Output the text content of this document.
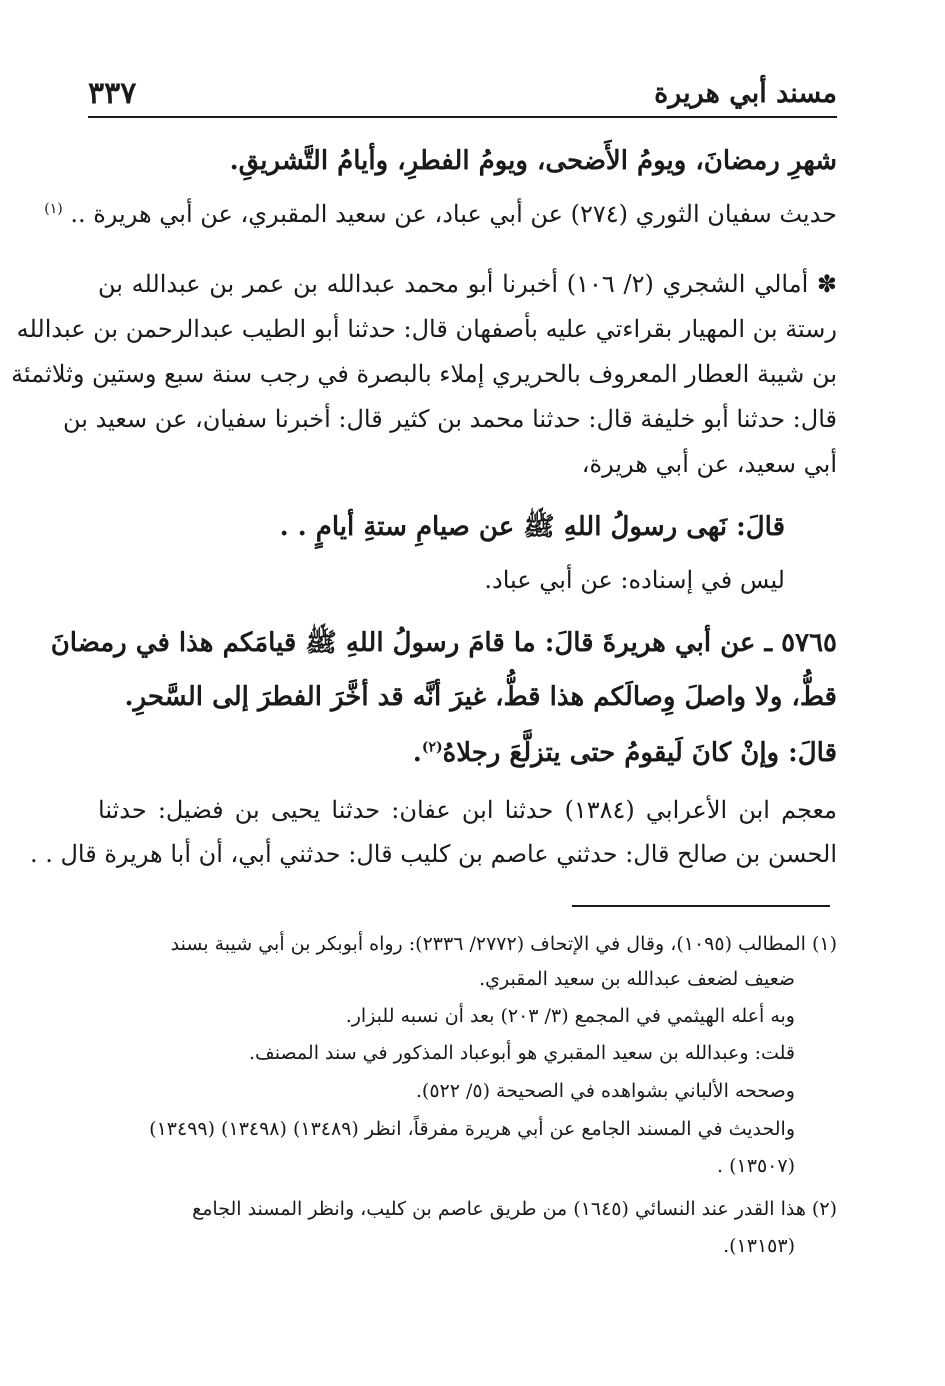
مسند أبي هريرة
٣٣٧
شهرِ رمضانَ، ويومُ الأَضحى، ويومُ الفطرِ، وأيامُ التَّشريقِ.
حديث سفيان الثوري (٢٧٤) عن أبي عباد، عن سعيد المقبري، عن أبي هريرة .. $^{(١)}$
✽ أمالي الشجري (٢/ ١٠٦) أخبرنا أبو محمد عبدالله بن عمر بن عبدالله بن
رستة بن المهيار بقراءتي عليه بأصفهان قال: حدثنا أبو الطيب عبدالرحمن بن عبدالله
بن شيبة العطار المعروف بالحريري إملاء بالبصرة في رجب سنة سبع وستين وثلاثمئة
قال: حدثنا أبو خليفة قال: حدثنا محمد بن كثير قال: أخبرنا سفيان، عن سعيد بن
أبي سعيد، عن أبي هريرة،
قالَ: نَهى رسولُ اللهِ ﷺ عن صيامِ ستةِ أيامٍ . .
ليس في إسناده: عن أبي عباد.
٥٧٦٥ ـ عن أبي هريرةَ قالَ: ما قامَ رسولُ اللهِ ﷺ قيامَكم هذا في رمضانَ
قطُّ، ولا واصلَ وِصالَكم هذا قطُّ، غيرَ أنَّه قد أخَّرَ الفطرَ إلى السَّحرِ.
قالَ: وإنْ كانَ لَيقومُ حتى يتزلَّعَ رجلاهُ$^{(٢)}$.
معجم ابن الأعرابي (١٣٨٤) حدثنا ابن عفان: حدثنا يحيى بن فضيل: حدثنا
الحسن بن صالح قال: حدثني عاصم بن كليب قال: حدثني أبي، أن أبا هريرة قال . .
(١) المطالب (١٠٩٥)، وقال في الإتحاف (٢٧٧٢/ ٢٣٣٦): رواه أبوبكر بن أبي شيبة بسند
ضعيف لضعف عبدالله بن سعيد المقبري.
وبه أعله الهيثمي في المجمع (٣/ ٢٠٣) بعد أن نسبه للبزار.
قلت: وعبدالله بن سعيد المقبري هو أبوعباد المذكور في سند المصنف.
وصححه الألباني بشواهده في الصحيحة (٥/ ٥٢٢).
والحديث في المسند الجامع عن أبي هريرة مفرقاً، انظر (١٣٤٨٩) (١٣٤٩٨) (١٣٤٩٩)
(١٣٥٠٧) .
(٢) هذا القدر عند النسائي (١٦٤٥) من طريق عاصم بن كليب، وانظر المسند الجامع
(١٣١٥٣).
